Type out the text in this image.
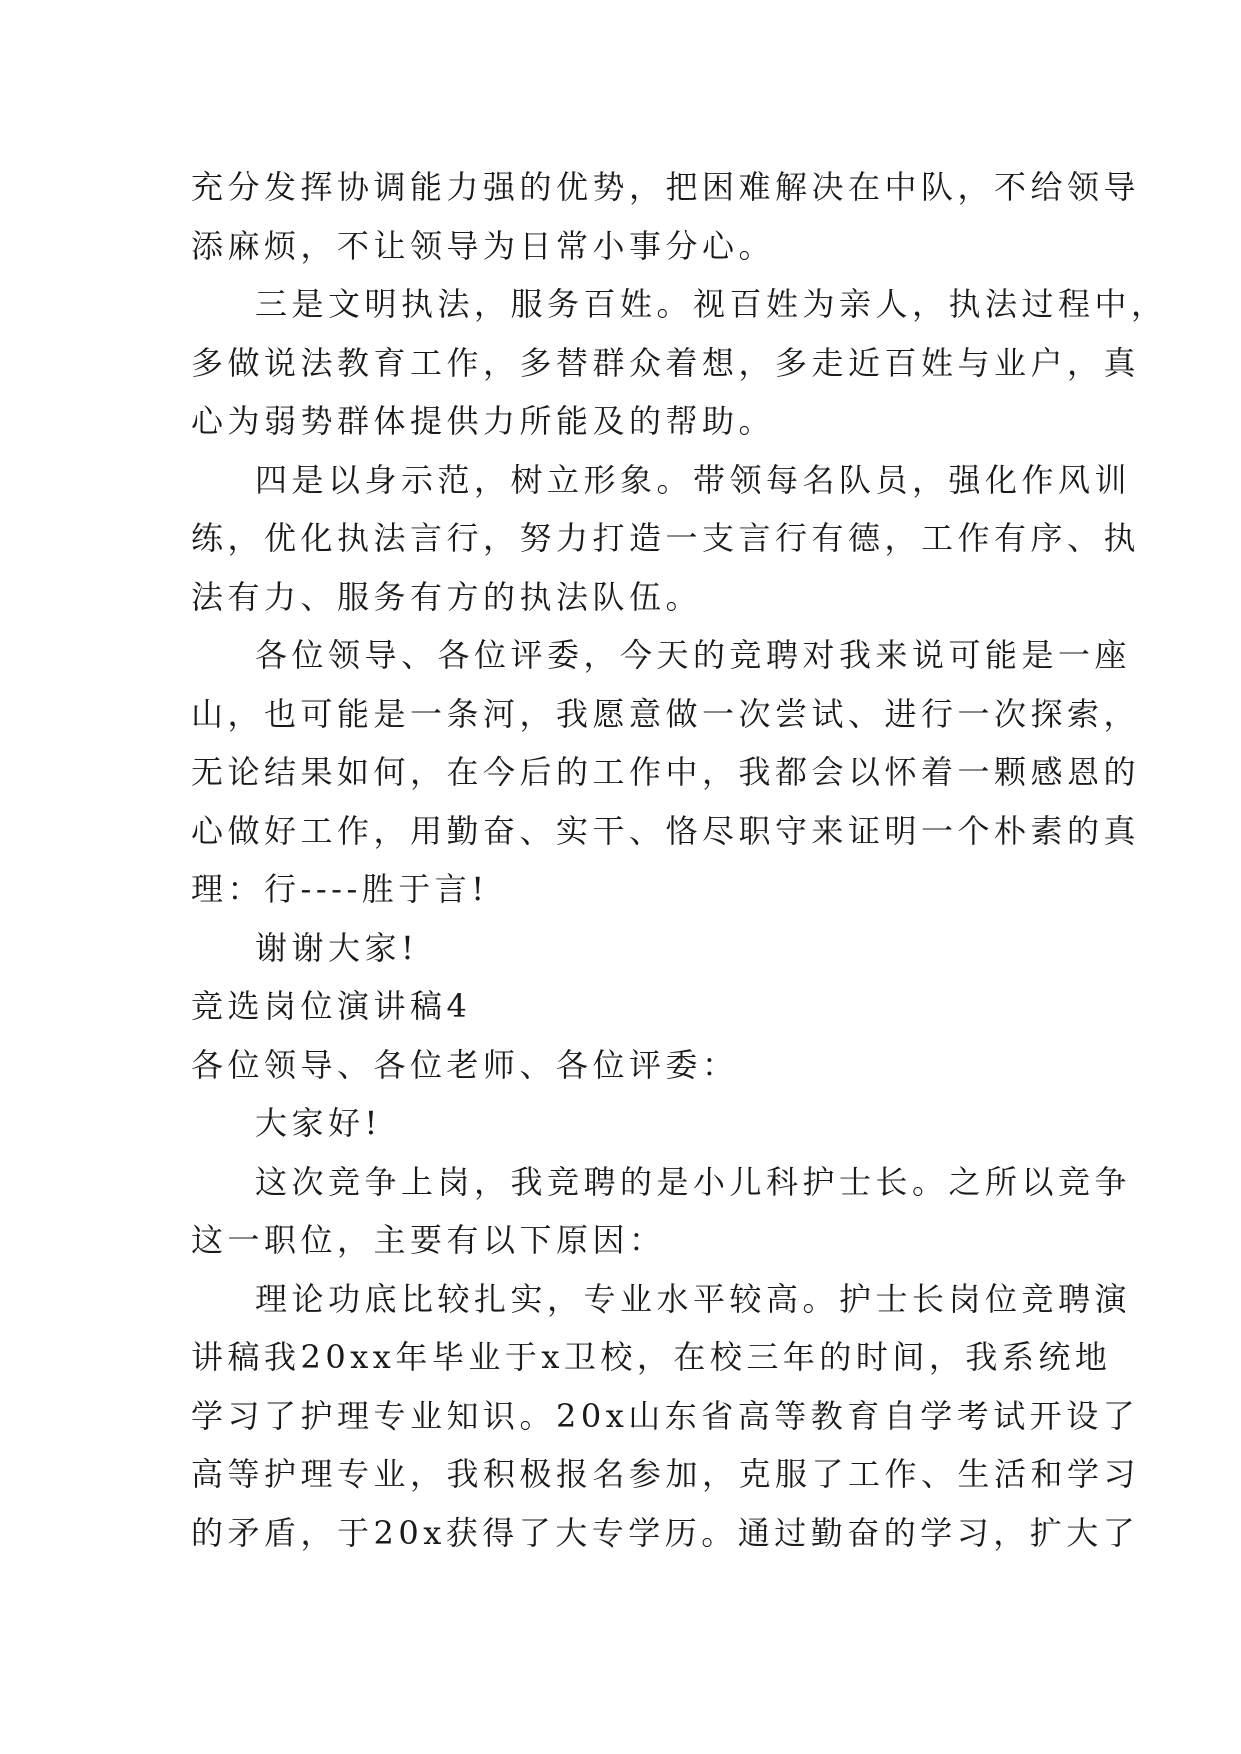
充分发挥协调能力强的优势，把困难解决在中队，不给领导
添麻烦，不让领导为日常小事分心。
三是文明执法，服务百姓。视百姓为亲人，执法过程中，
多做说法教育工作，多替群众着想，多走近百姓与业户，真
心为弱势群体提供力所能及的帮助。
四是以身示范，树立形象。带领每名队员，强化作风训
练，优化执法言行，努力打造一支言行有德，工作有序、执
法有力、服务有方的执法队伍。
各位领导、各位评委，今天的竞聘对我来说可能是一座
山，也可能是一条河，我愿意做一次尝试、进行一次探索，
无论结果如何，在今后的工作中，我都会以怀着一颗感恩的
心做好工作，用勤奋、实干、恪尽职守来证明一个朴素的真
理：行----胜于言!
谢谢大家!
竞选岗位演讲稿4
各位领导、各位老师、各位评委：
大家好!
这次竞争上岗，我竞聘的是小儿科护士长。之所以竞争
这一职位，主要有以下原因：
理论功底比较扎实，专业水平较高。护士长岗位竞聘演
讲稿我20xx年毕业于x卫校，在校三年的时间，我系统地
学习了护理专业知识。20x山东省高等教育自学考试开设了
高等护理专业，我积极报名参加，克服了工作、生活和学习
的矛盾，于20x获得了大专学历。通过勤奋的学习，扩大了
